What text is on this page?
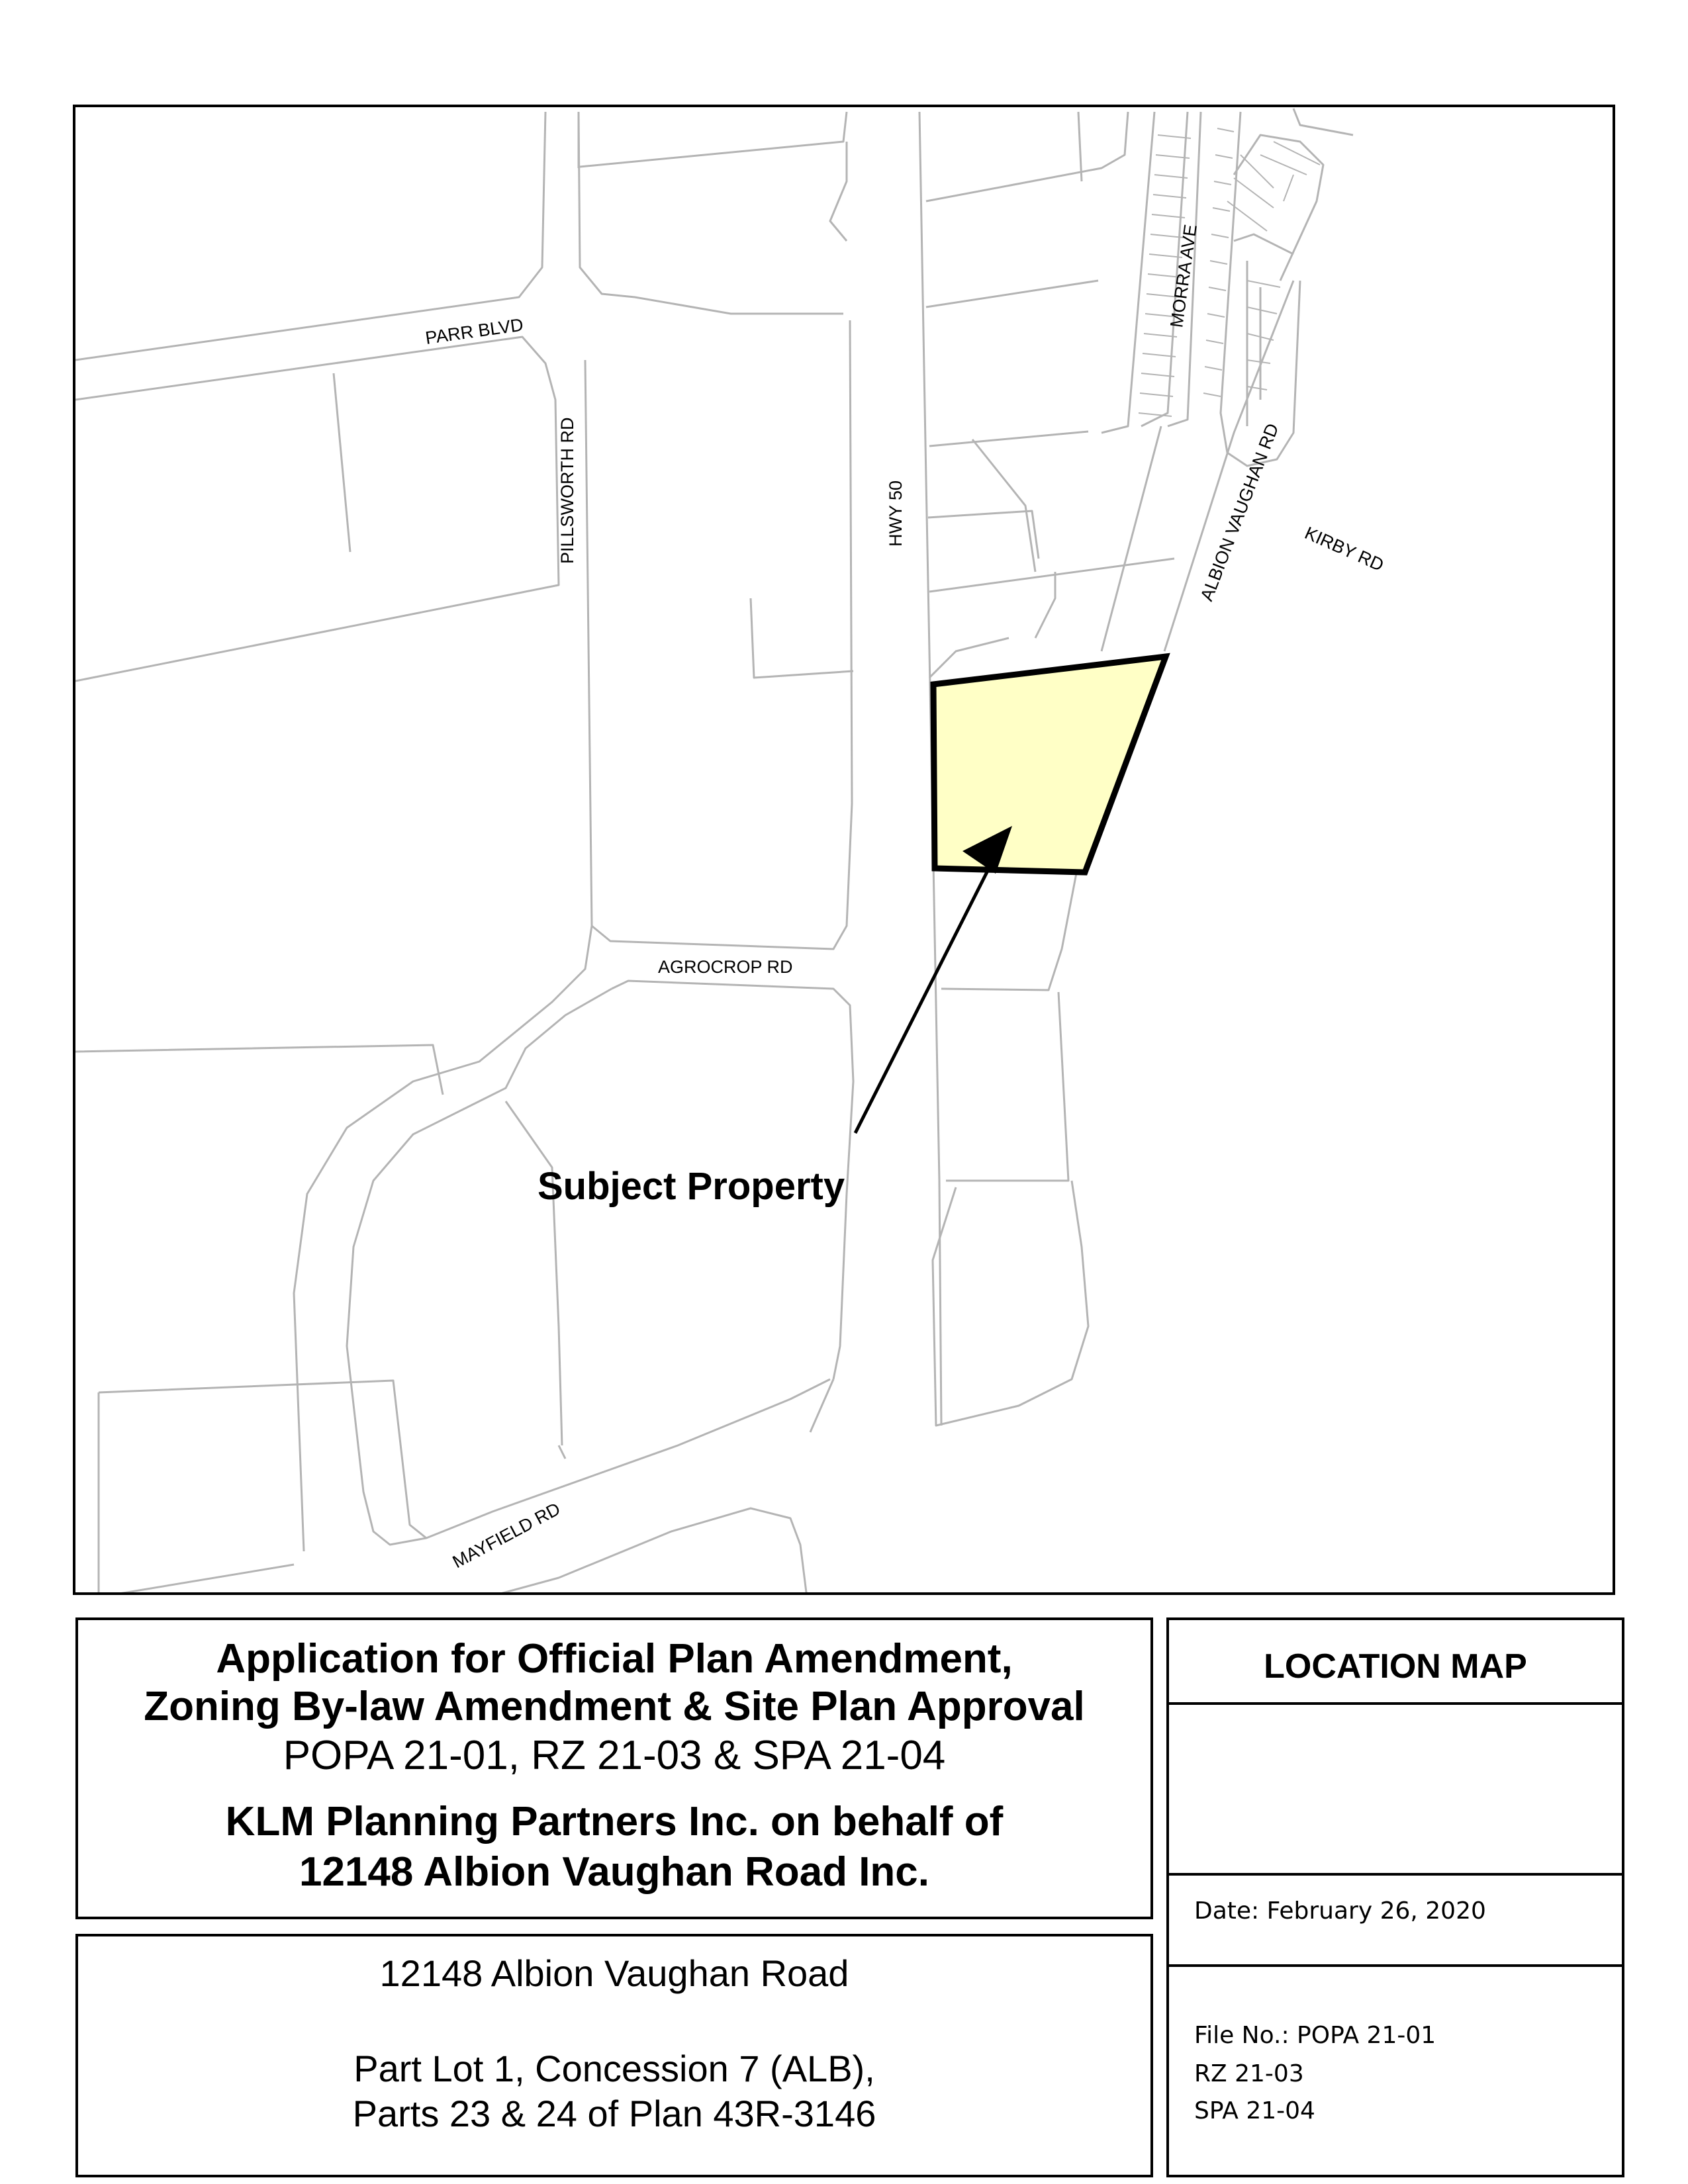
PARR BLVD
PILLSWORTH RD	HWY 50
MORRA AVE
ALBION VAUGHAN RD KIRBY RD
AGROCROP RD
MAYFIELD RD
Subject Property
Application for Official Plan Amendment,
Zoning By-law Amendment & Site Plan Approval
POPA 21-01, RZ 21-03 & SPA 21-04
KLM Planning Partners Inc. on behalf of
12148 Albion Vaughan Road Inc.
12148 Albion Vaughan Road
Part Lot 1, Concession 7 (ALB),
Parts 23 & 24 of Plan 43R-3146
LOCATION MAP
Date: February 26, 2020
File No.: POPA 21-01
RZ 21-03
SPA 21-04
